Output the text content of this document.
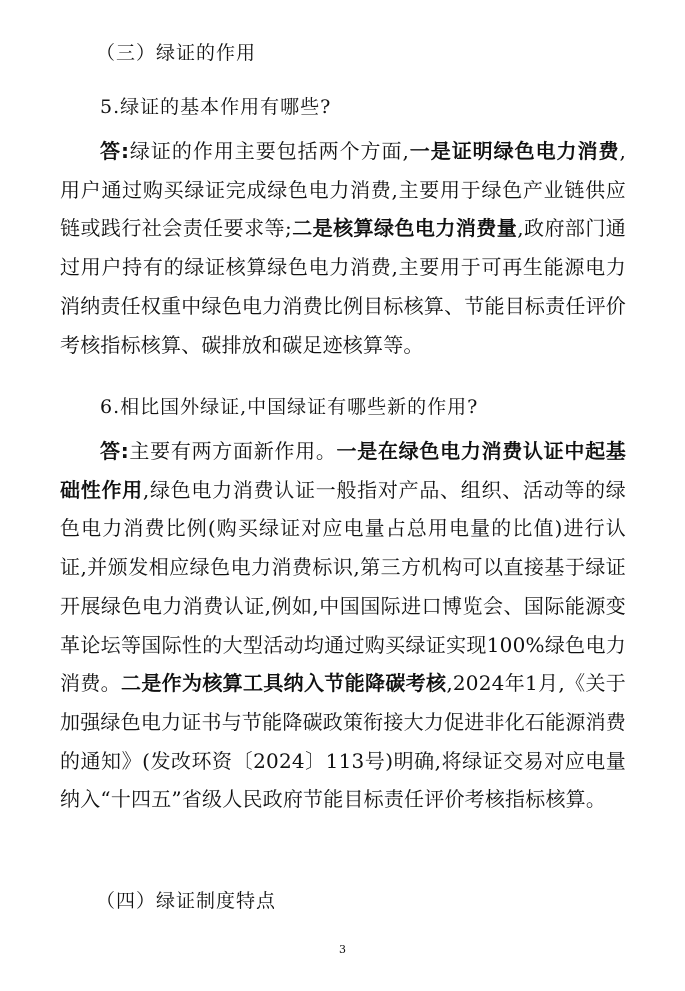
（三）绿证的作用
5.绿证的基本作用有哪些?
答:绿证的作用主要包括两个方面,一是证明绿色电力消费,用户通过购买绿证完成绿色电力消费,主要用于绿色产业链供应链或践行社会责任要求等;二是核算绿色电力消费量,政府部门通过用户持有的绿证核算绿色电力消费,主要用于可再生能源电力消纳责任权重中绿色电力消费比例目标核算、节能目标责任评价考核指标核算、碳排放和碳足迹核算等。
6.相比国外绿证,中国绿证有哪些新的作用?
答:主要有两方面新作用。一是在绿色电力消费认证中起基础性作用,绿色电力消费认证一般指对产品、组织、活动等的绿色电力消费比例(购买绿证对应电量占总用电量的比值)进行认证,并颁发相应绿色电力消费标识,第三方机构可以直接基于绿证开展绿色电力消费认证,例如,中国国际进口博览会、国际能源变革论坛等国际性的大型活动均通过购买绿证实现100%绿色电力消费。二是作为核算工具纳入节能降碳考核,2024年1月,《关于加强绿色电力证书与节能降碳政策衔接大力促进非化石能源消费的通知》(发改环资〔2024〕113号)明确,将绿证交易对应电量纳入“十四五”省级人民政府节能目标责任评价考核指标核算。
（四）绿证制度特点
3
